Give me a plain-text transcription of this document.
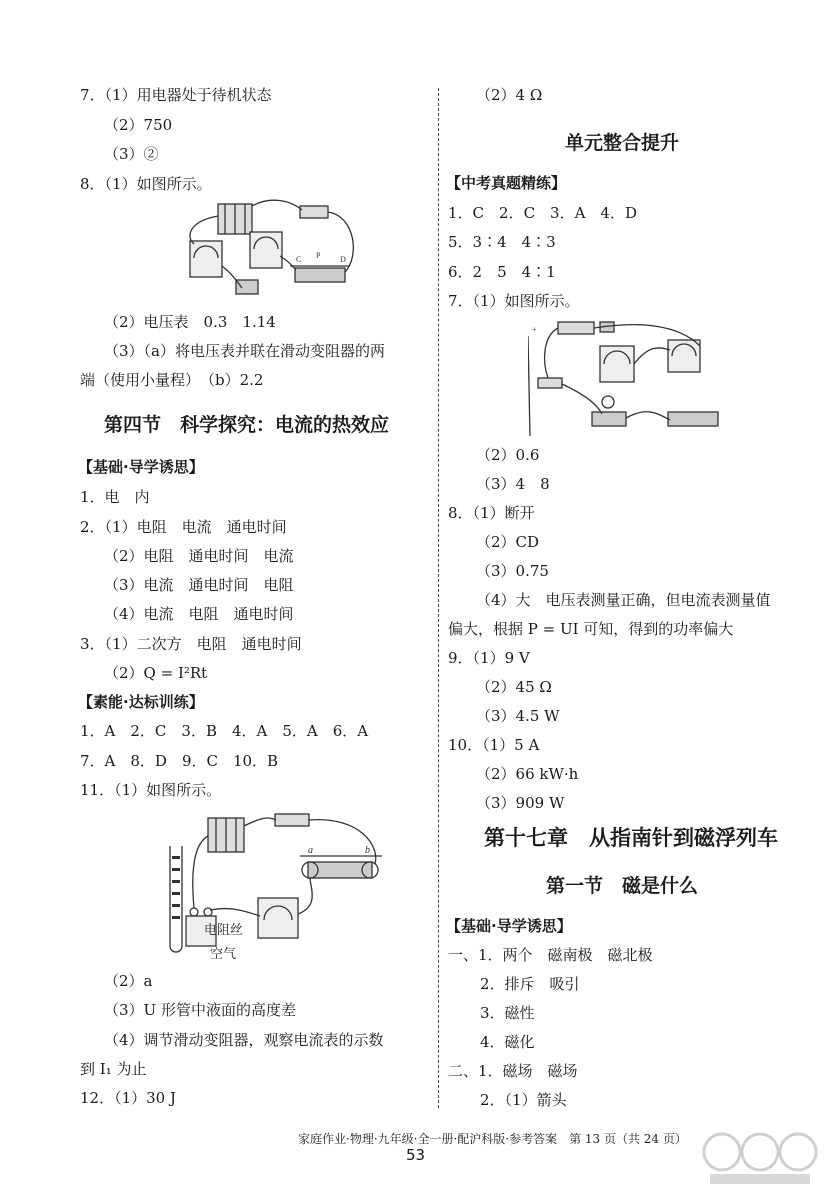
7．（1）用电器处于待机状态
（2）750
（3）②
8．（1）如图所示。
C P D
（2）电压表　0.3　1.14
（3）（a）将电压表并联在滑动变阻器的两
端（使用小量程）　（b）2.2
第四节　科学探究：电流的热效应
【基础·导学诱思】
1．电　内
2．（1）电阻　电流　通电时间
（2）电阻　通电时间　电流
（3）电流　通电时间　电阻
（4）电流　电阻　通电时间
3．（1）二次方　电阻　通电时间
（2）Q = I²Rt
【素能·达标训练】
1．A　2．C　3．B　4．A　5．A　6．A
7．A　8．D　9．C　10．B
11．（1）如图所示。
a	b
电阻丝
空气
（2）a
（3）U 形管中液面的高度差
（4）调节滑动变阻器，观察电流表的示数
到 I₁ 为止
12．（1）30 J
（2）4 Ω
单元整合提升
【中考真题精练】
1．C　2．C　3．A　4．D
5．3∶4　4∶3
6．2　5　4∶1
7．（1）如图所示。
+
（2）0.6
（3）4　8
8．（1）断开
（2）CD
（3）0.75
（4）大　电压表测量正确，但电流表测量值
偏大，根据 P = UI 可知，得到的功率偏大
9．（1）9 V
（2）45 Ω
（3）4.5 W
10．（1）5 A
（2）66 kW·h
（3）909 W
第十七章　从指南针到磁浮列车
第一节　磁是什么
【基础·导学诱思】
一、1．两个　磁南极　磁北极
2．排斥　吸引
3．磁性
4．磁化
二、1．磁场　磁场
2．（1）箭头
家庭作业·物理·九年级·全一册·配沪科版·参考答案　第 13 页（共 24 页）
53
